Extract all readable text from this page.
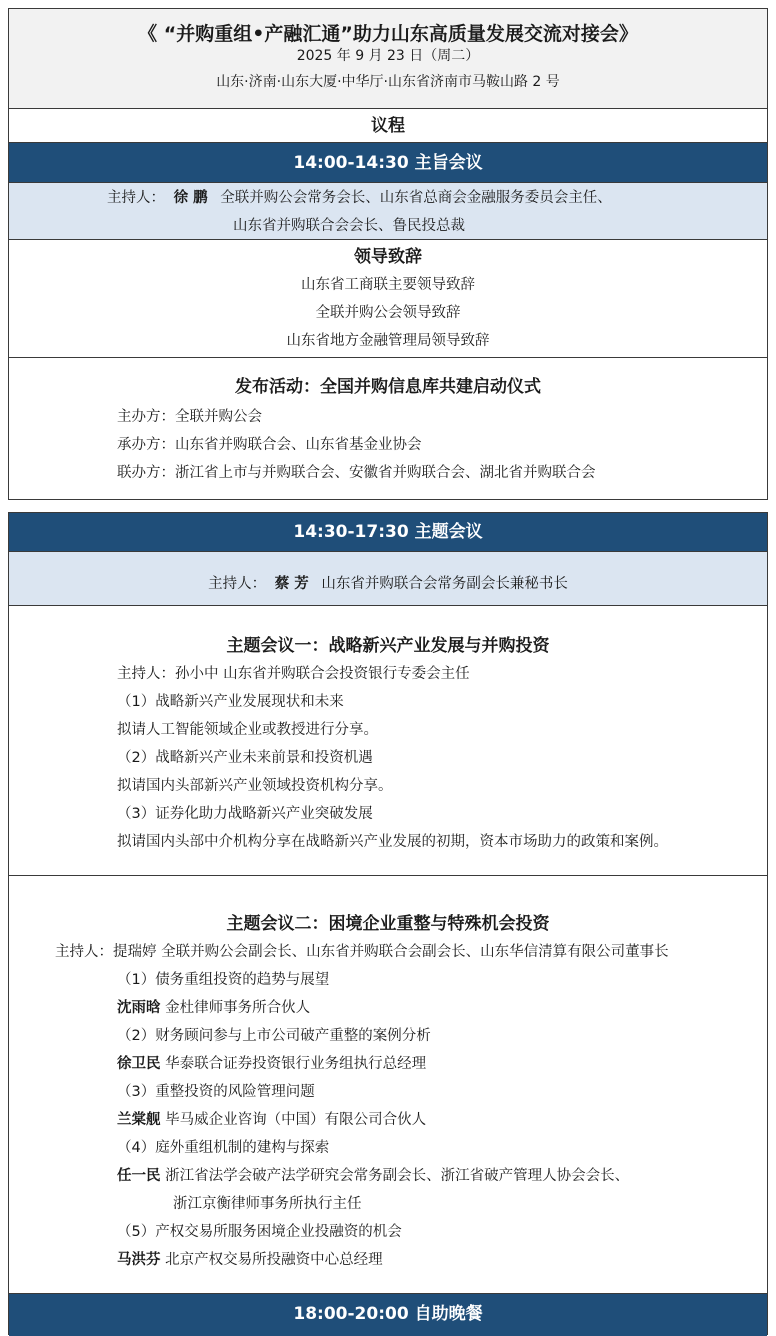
《 “并购重组•产融汇通”助力山东高质量发展交流对接会》
2025 年 9 月 23 日（周二）
山东·济南·山东大厦·中华厅·山东省济南市马鞍山路 2 号
议程
14:00-14:30 主旨会议
主持人： 徐 鹏 全联并购公会常务会长、山东省总商会金融服务委员会主任、
山东省并购联合会会长、鲁民投总裁
领导致辞
山东省工商联主要领导致辞
全联并购公会领导致辞
山东省地方金融管理局领导致辞
发布活动：全国并购信息库共建启动仪式
主办方：全联并购公会
承办方：山东省并购联合会、山东省基金业协会
联办方：浙江省上市与并购联合会、安徽省并购联合会、湖北省并购联合会
14:30-17:30 主题会议
主持人： 蔡 芳 山东省并购联合会常务副会长兼秘书长
主题会议一：战略新兴产业发展与并购投资
主持人：孙小中 山东省并购联合会投资银行专委会主任
（1）战略新兴产业发展现状和未来
拟请人工智能领域企业或教授进行分享。
（2）战略新兴产业未来前景和投资机遇
拟请国内头部新兴产业领域投资机构分享。
（3）证券化助力战略新兴产业突破发展
拟请国内头部中介机构分享在战略新兴产业发展的初期，资本市场助力的政策和案例。
主题会议二：困境企业重整与特殊机会投资
主持人：提瑞婷 全联并购公会副会长、山东省并购联合会副会长、山东华信清算有限公司董事长
（1）债务重组投资的趋势与展望
沈雨晗 金杜律师事务所合伙人
（2）财务顾问参与上市公司破产重整的案例分析
徐卫民 华泰联合证券投资银行业务组执行总经理
（3）重整投资的风险管理问题
兰棠舰 毕马威企业咨询（中国）有限公司合伙人
（4）庭外重组机制的建构与探索
任一民 浙江省法学会破产法学研究会常务副会长、浙江省破产管理人协会会长、
浙江京衡律师事务所执行主任
（5）产权交易所服务困境企业投融资的机会
马洪芬 北京产权交易所投融资中心总经理
18:00-20:00 自助晚餐
